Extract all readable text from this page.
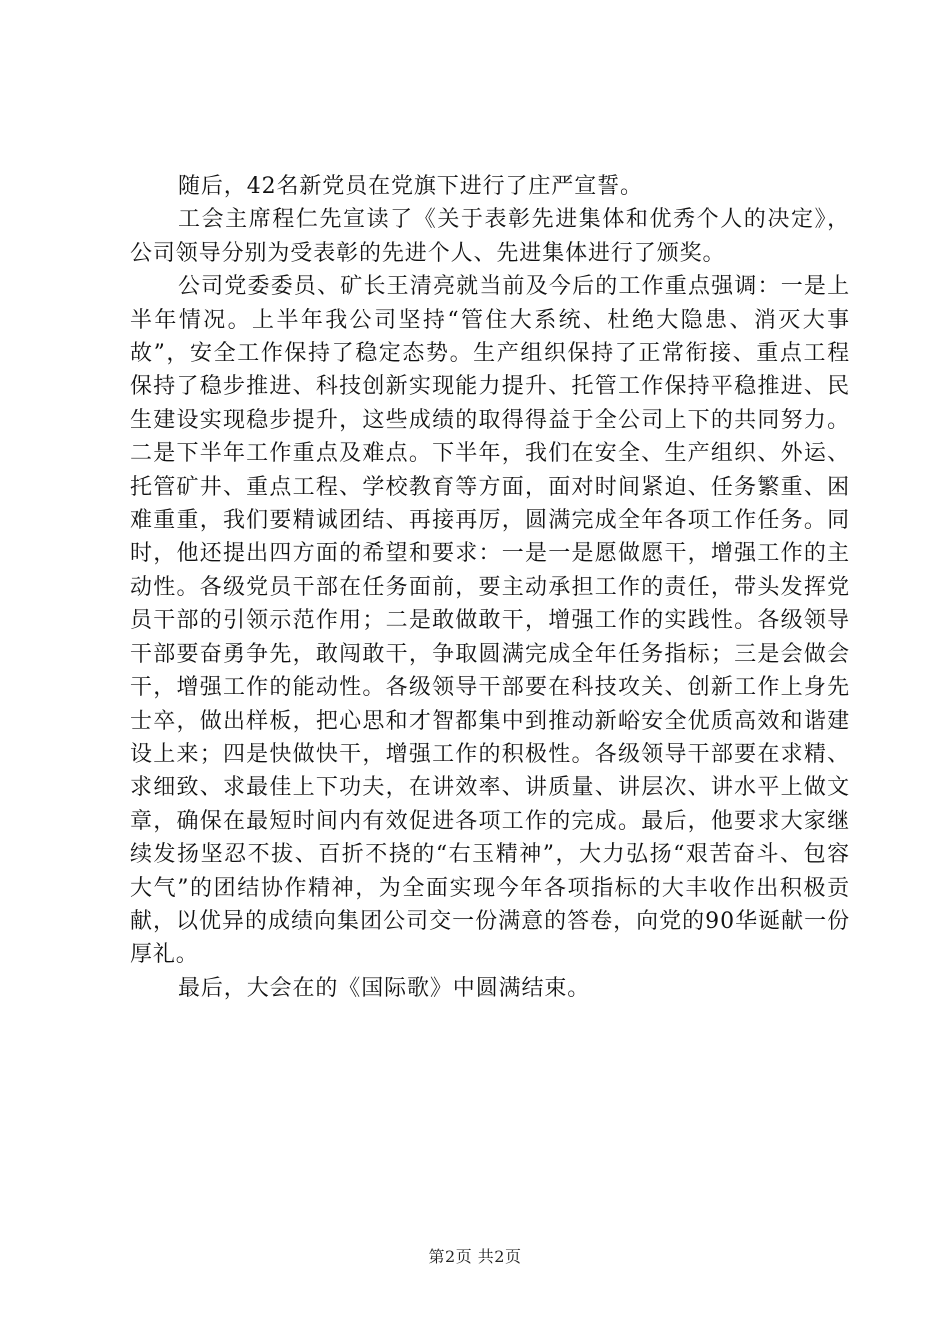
随后，42名新党员在党旗下进行了庄严宣誓。

工会主席程仁先宣读了《关于表彰先进集体和优秀个人的决定》，公司领导分别为受表彰的先进个人、先进集体进行了颁奖。

公司党委委员、矿长王清亮就当前及今后的工作重点强调：一是上半年情况。上半年我公司坚持“管住大系统、杜绝大隐患、消灭大事故”，安全工作保持了稳定态势。生产组织保持了正常衔接、重点工程保持了稳步推进、科技创新实现能力提升、托管工作保持平稳推进、民生建设实现稳步提升，这些成绩的取得得益于全公司上下的共同努力。二是下半年工作重点及难点。下半年，我们在安全、生产组织、外运、托管矿井、重点工程、学校教育等方面，面对时间紧迫、任务繁重、困难重重，我们要精诚团结、再接再厉，圆满完成全年各项工作任务。同时，他还提出四方面的希望和要求：一是一是愿做愿干，增强工作的主动性。各级党员干部在任务面前，要主动承担工作的责任，带头发挥党员干部的引领示范作用；二是敢做敢干，增强工作的实践性。各级领导干部要奋勇争先，敢闯敢干，争取圆满完成全年任务指标；三是会做会干，增强工作的能动性。各级领导干部要在科技攻关、创新工作上身先士卒，做出样板，把心思和才智都集中到推动新峪安全优质高效和谐建设上来；四是快做快干，增强工作的积极性。各级领导干部要在求精、求细致、求最佳上下功夫，在讲效率、讲质量、讲层次、讲水平上做文章，确保在最短时间内有效促进各项工作的完成。最后，他要求大家继续发扬坚忍不拔、百折不挠的“右玉精神”，大力弘扬“艰苦奋斗、包容大气”的团结协作精神，为全面实现今年各项指标的大丰收作出积极贡献，以优异的成绩向集团公司交一份满意的答卷，向党的90华诞献一份厚礼。

最后，大会在的《国际歌》中圆满结束。

第2页 共2页
